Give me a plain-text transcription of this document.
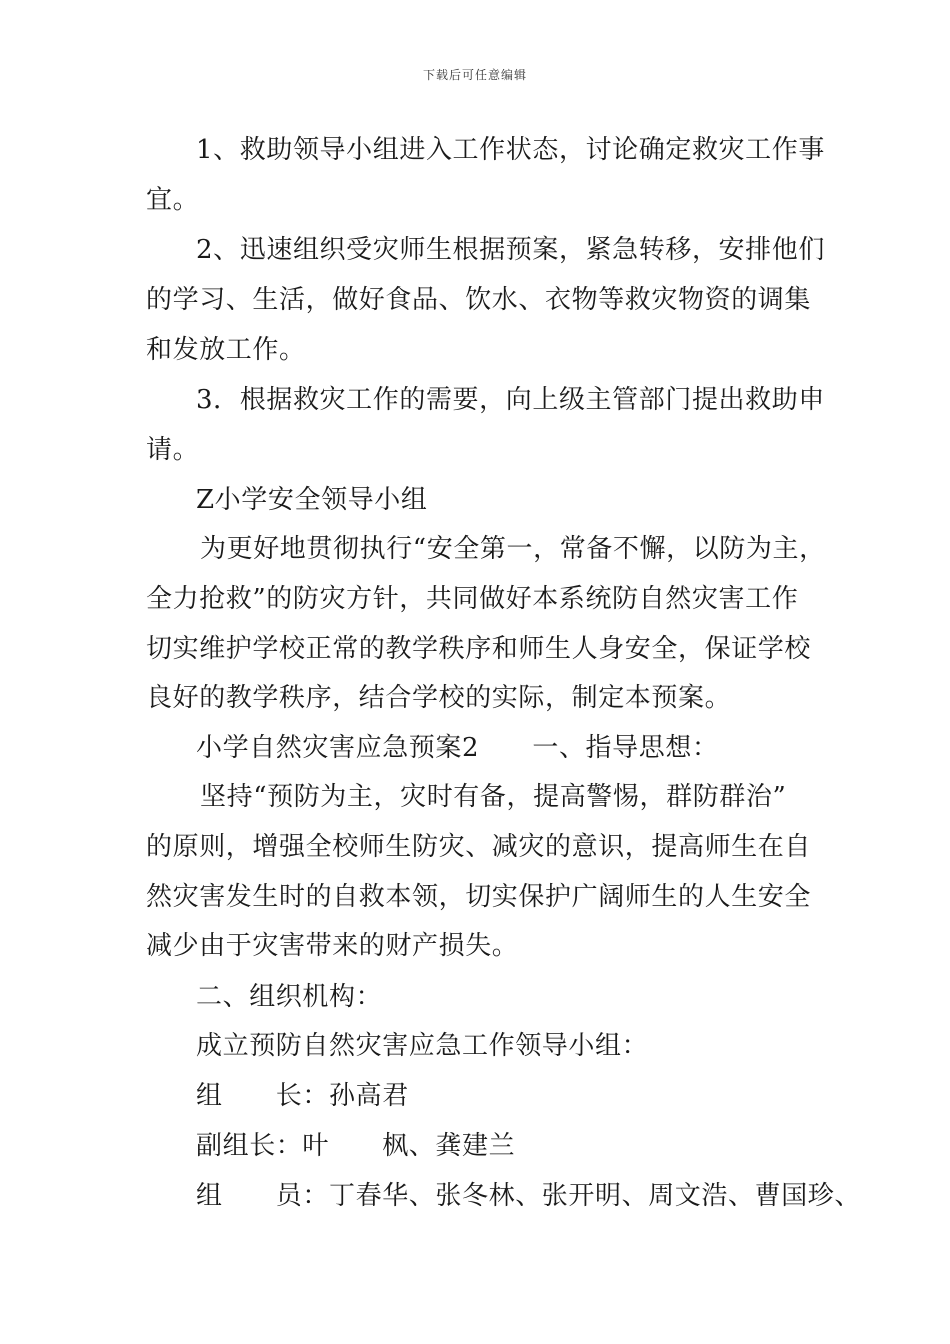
下载后可任意编辑
1、救助领导小组进入工作状态，讨论确定救灾工作事
宜。
2、迅速组织受灾师生根据预案，紧急转移，安排他们
的学习、生活，做好食品、饮水、衣物等救灾物资的调集
和发放工作。
3．根据救灾工作的需要，向上级主管部门提出救助申
请。
Z小学安全领导小组
为更好地贯彻执行“安全第一，常备不懈，以防为主，
全力抢救”的防灾方针，共同做好本系统防自然灾害工作
切实维护学校正常的教学秩序和师生人身安全，保证学校
良好的教学秩序，结合学校的实际，制定本预案。
小学自然灾害应急预案2　　一、指导思想：
坚持“预防为主，灾时有备，提高警惕，群防群治”
的原则，增强全校师生防灾、减灾的意识，提高师生在自
然灾害发生时的自救本领，切实保护广阔师生的人生安全
减少由于灾害带来的财产损失。
二、组织机构：
成立预防自然灾害应急工作领导小组：
组　　长：孙高君
副组长：叶　　枫、龚建兰
组　　员：丁春华、张冬林、张开明、周文浩、曹国珍、
